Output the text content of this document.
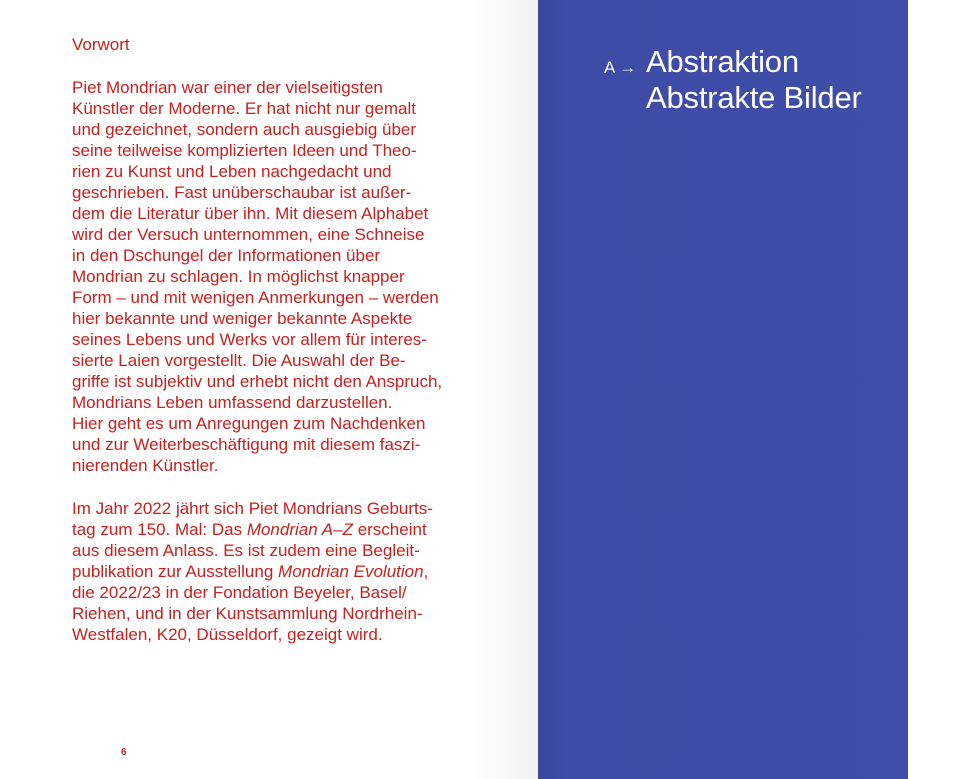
Vorwort
Piet Mondrian war einer der vielseitigsten
Künstler der Moderne. Er hat nicht nur gemalt
und gezeichnet, sondern auch ausgiebig über
seine teilweise komplizierten Ideen und Theo-
rien zu Kunst und Leben nachgedacht und
geschrieben. Fast unüberschaubar ist außer-
dem die Literatur über ihn. Mit diesem Alphabet
wird der Versuch unternommen, eine Schneise
in den Dschungel der Informationen über
Mondrian zu schlagen. In möglichst knapper
Form – und mit wenigen Anmerkungen – werden
hier bekannte und weniger bekannte Aspekte
seines Lebens und Werks vor allem für interes-
sierte Laien vorgestellt. Die Auswahl der Be-
griffe ist subjektiv und erhebt nicht den Anspruch,
Mondrians Leben umfassend darzustellen.
Hier geht es um Anregungen zum Nachdenken
und zur Weiterbeschäftigung mit diesem faszi-
nierenden Künstler.
Im Jahr 2022 jährt sich Piet Mondrians Geburts-
tag zum 150. Mal: Das Mondrian A–Z erscheint
aus diesem Anlass. Es ist zudem eine Begleit-
publikation zur Ausstellung Mondrian Evolution,
die 2022/23 in der Fondation Beyeler, Basel/
Riehen, und in der Kunstsammlung Nordrhein-
Westfalen, K20, Düsseldorf, gezeigt wird.
6
A → Abstraktion
Abstrakte Bilder
